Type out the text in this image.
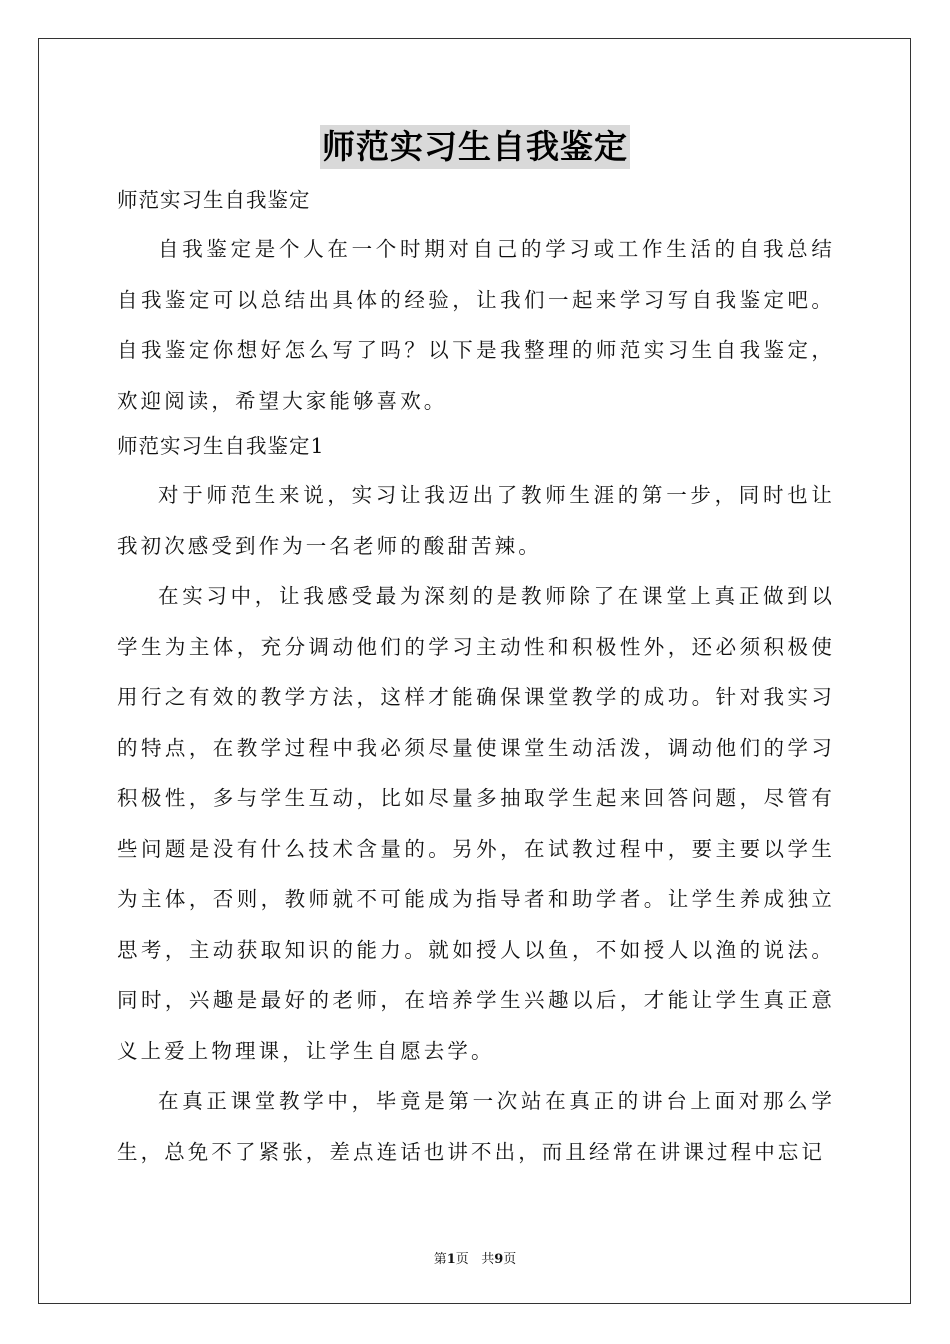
师范实习生自我鉴定

师范实习生自我鉴定

自我鉴定是个人在一个时期对自己的学习或工作生活的自我总结自我鉴定可以总结出具体的经验，让我们一起来学习写自我鉴定吧。自我鉴定你想好怎么写了吗？以下是我整理的师范实习生自我鉴定，欢迎阅读，希望大家能够喜欢。

师范实习生自我鉴定1

对于师范生来说，实习让我迈出了教师生涯的第一步，同时也让我初次感受到作为一名老师的酸甜苦辣。

在实习中，让我感受最为深刻的是教师除了在课堂上真正做到以学生为主体，充分调动他们的学习主动性和积极性外，还必须积极使用行之有效的教学方法，这样才能确保课堂教学的成功。针对我实习的特点，在教学过程中我必须尽量使课堂生动活泼，调动他们的学习积极性，多与学生互动，比如尽量多抽取学生起来回答问题，尽管有些问题是没有什么技术含量的。另外，在试教过程中，要主要以学生为主体，否则，教师就不可能成为指导者和助学者。让学生养成独立思考，主动获取知识的能力。就如授人以鱼，不如授人以渔的说法。同时，兴趣是最好的老师，在培养学生兴趣以后，才能让学生真正意义上爱上物理课，让学生自愿去学。

在真正课堂教学中，毕竟是第一次站在真正的讲台上面对那么学生，总免不了紧张，差点连话也讲不出，而且经常在讲课过程中忘记

第1页 共9页
